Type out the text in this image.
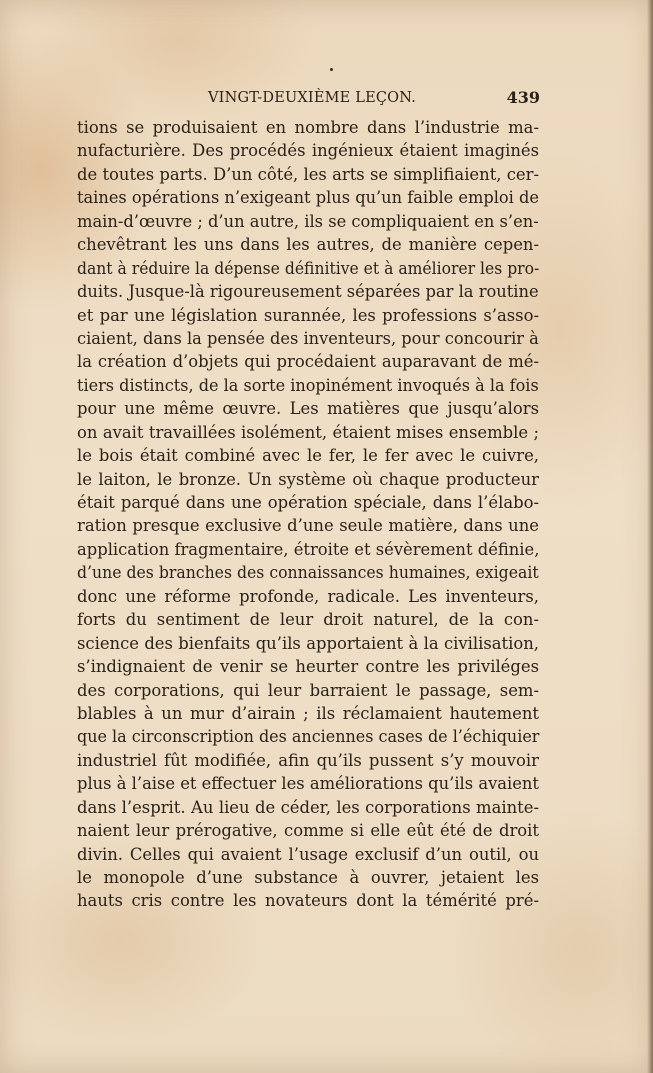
VINGT-DEUXIÈME LEÇON.	439
tions se produisaient en nombre dans l’industrie ma-
nufacturière. Des procédés ingénieux étaient imaginés
de toutes parts. D’un côté, les arts se simplifiaient, cer-
taines opérations n’exigeant plus qu’un faible emploi de
main-d’œuvre ; d’un autre, ils se compliquaient en s’en-
chevêtrant les uns dans les autres, de manière cepen-
dant à réduire la dépense définitive et à améliorer les pro-
duits. Jusque-là rigoureusement séparées par la routine
et par une législation surannée, les professions s’asso-
ciaient, dans la pensée des inventeurs, pour concourir à
la création d’objets qui procédaient auparavant de mé-
tiers distincts, de la sorte inopinément invoqués à la fois
pour une même œuvre. Les matières que jusqu’alors
on avait travaillées isolément, étaient mises ensemble ;
le bois était combiné avec le fer, le fer avec le cuivre,
le laiton, le bronze. Un système où chaque producteur
était parqué dans une opération spéciale, dans l’élabo-
ration presque exclusive d’une seule matière, dans une
application fragmentaire, étroite et sévèrement définie,
d’une des branches des connaissances humaines, exigeait
donc une réforme profonde, radicale. Les inventeurs,
forts du sentiment de leur droit naturel, de la con-
science des bienfaits qu’ils apportaient à la civilisation,
s’indignaient de venir se heurter contre les priviléges
des corporations, qui leur barraient le passage, sem-
blables à un mur d’airain ; ils réclamaient hautement
que la circonscription des anciennes cases de l’échiquier
industriel fût modifiée, afin qu’ils pussent s’y mouvoir
plus à l’aise et effectuer les améliorations qu’ils avaient
dans l’esprit. Au lieu de céder, les corporations mainte-
naient leur prérogative, comme si elle eût été de droit
divin. Celles qui avaient l’usage exclusif d’un outil, ou
le monopole d’une substance à ouvrer, jetaient les
hauts cris contre les novateurs dont la témérité pré-
